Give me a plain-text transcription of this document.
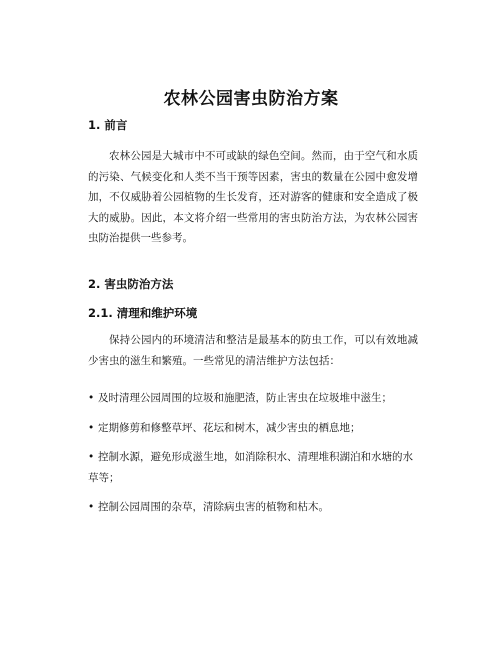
农林公园害虫防治方案
1. 前言

农林公园是大城市中不可或缺的绿色空间。然而，由于空气和水质的污染、气候变化和人类不当干预等因素，害虫的数量在公园中愈发增加，不仅威胁着公园植物的生长发育，还对游客的健康和安全造成了极大的威胁。因此，本文将介绍一些常用的害虫防治方法，为农林公园害虫防治提供一些参考。

2. 害虫防治方法
2.1. 清理和维护环境

保持公园内的环境清洁和整洁是最基本的防虫工作，可以有效地减少害虫的滋生和繁殖。一些常见的清洁维护方法包括：

• 及时清理公园周围的垃圾和施肥渣，防止害虫在垃圾堆中滋生；
• 定期修剪和修整草坪、花坛和树木，减少害虫的栖息地；
• 控制水源，避免形成滋生地，如消除积水、清理堆积湖泊和水塘的水草等；
• 控制公园周围的杂草，清除病虫害的植物和枯木。
